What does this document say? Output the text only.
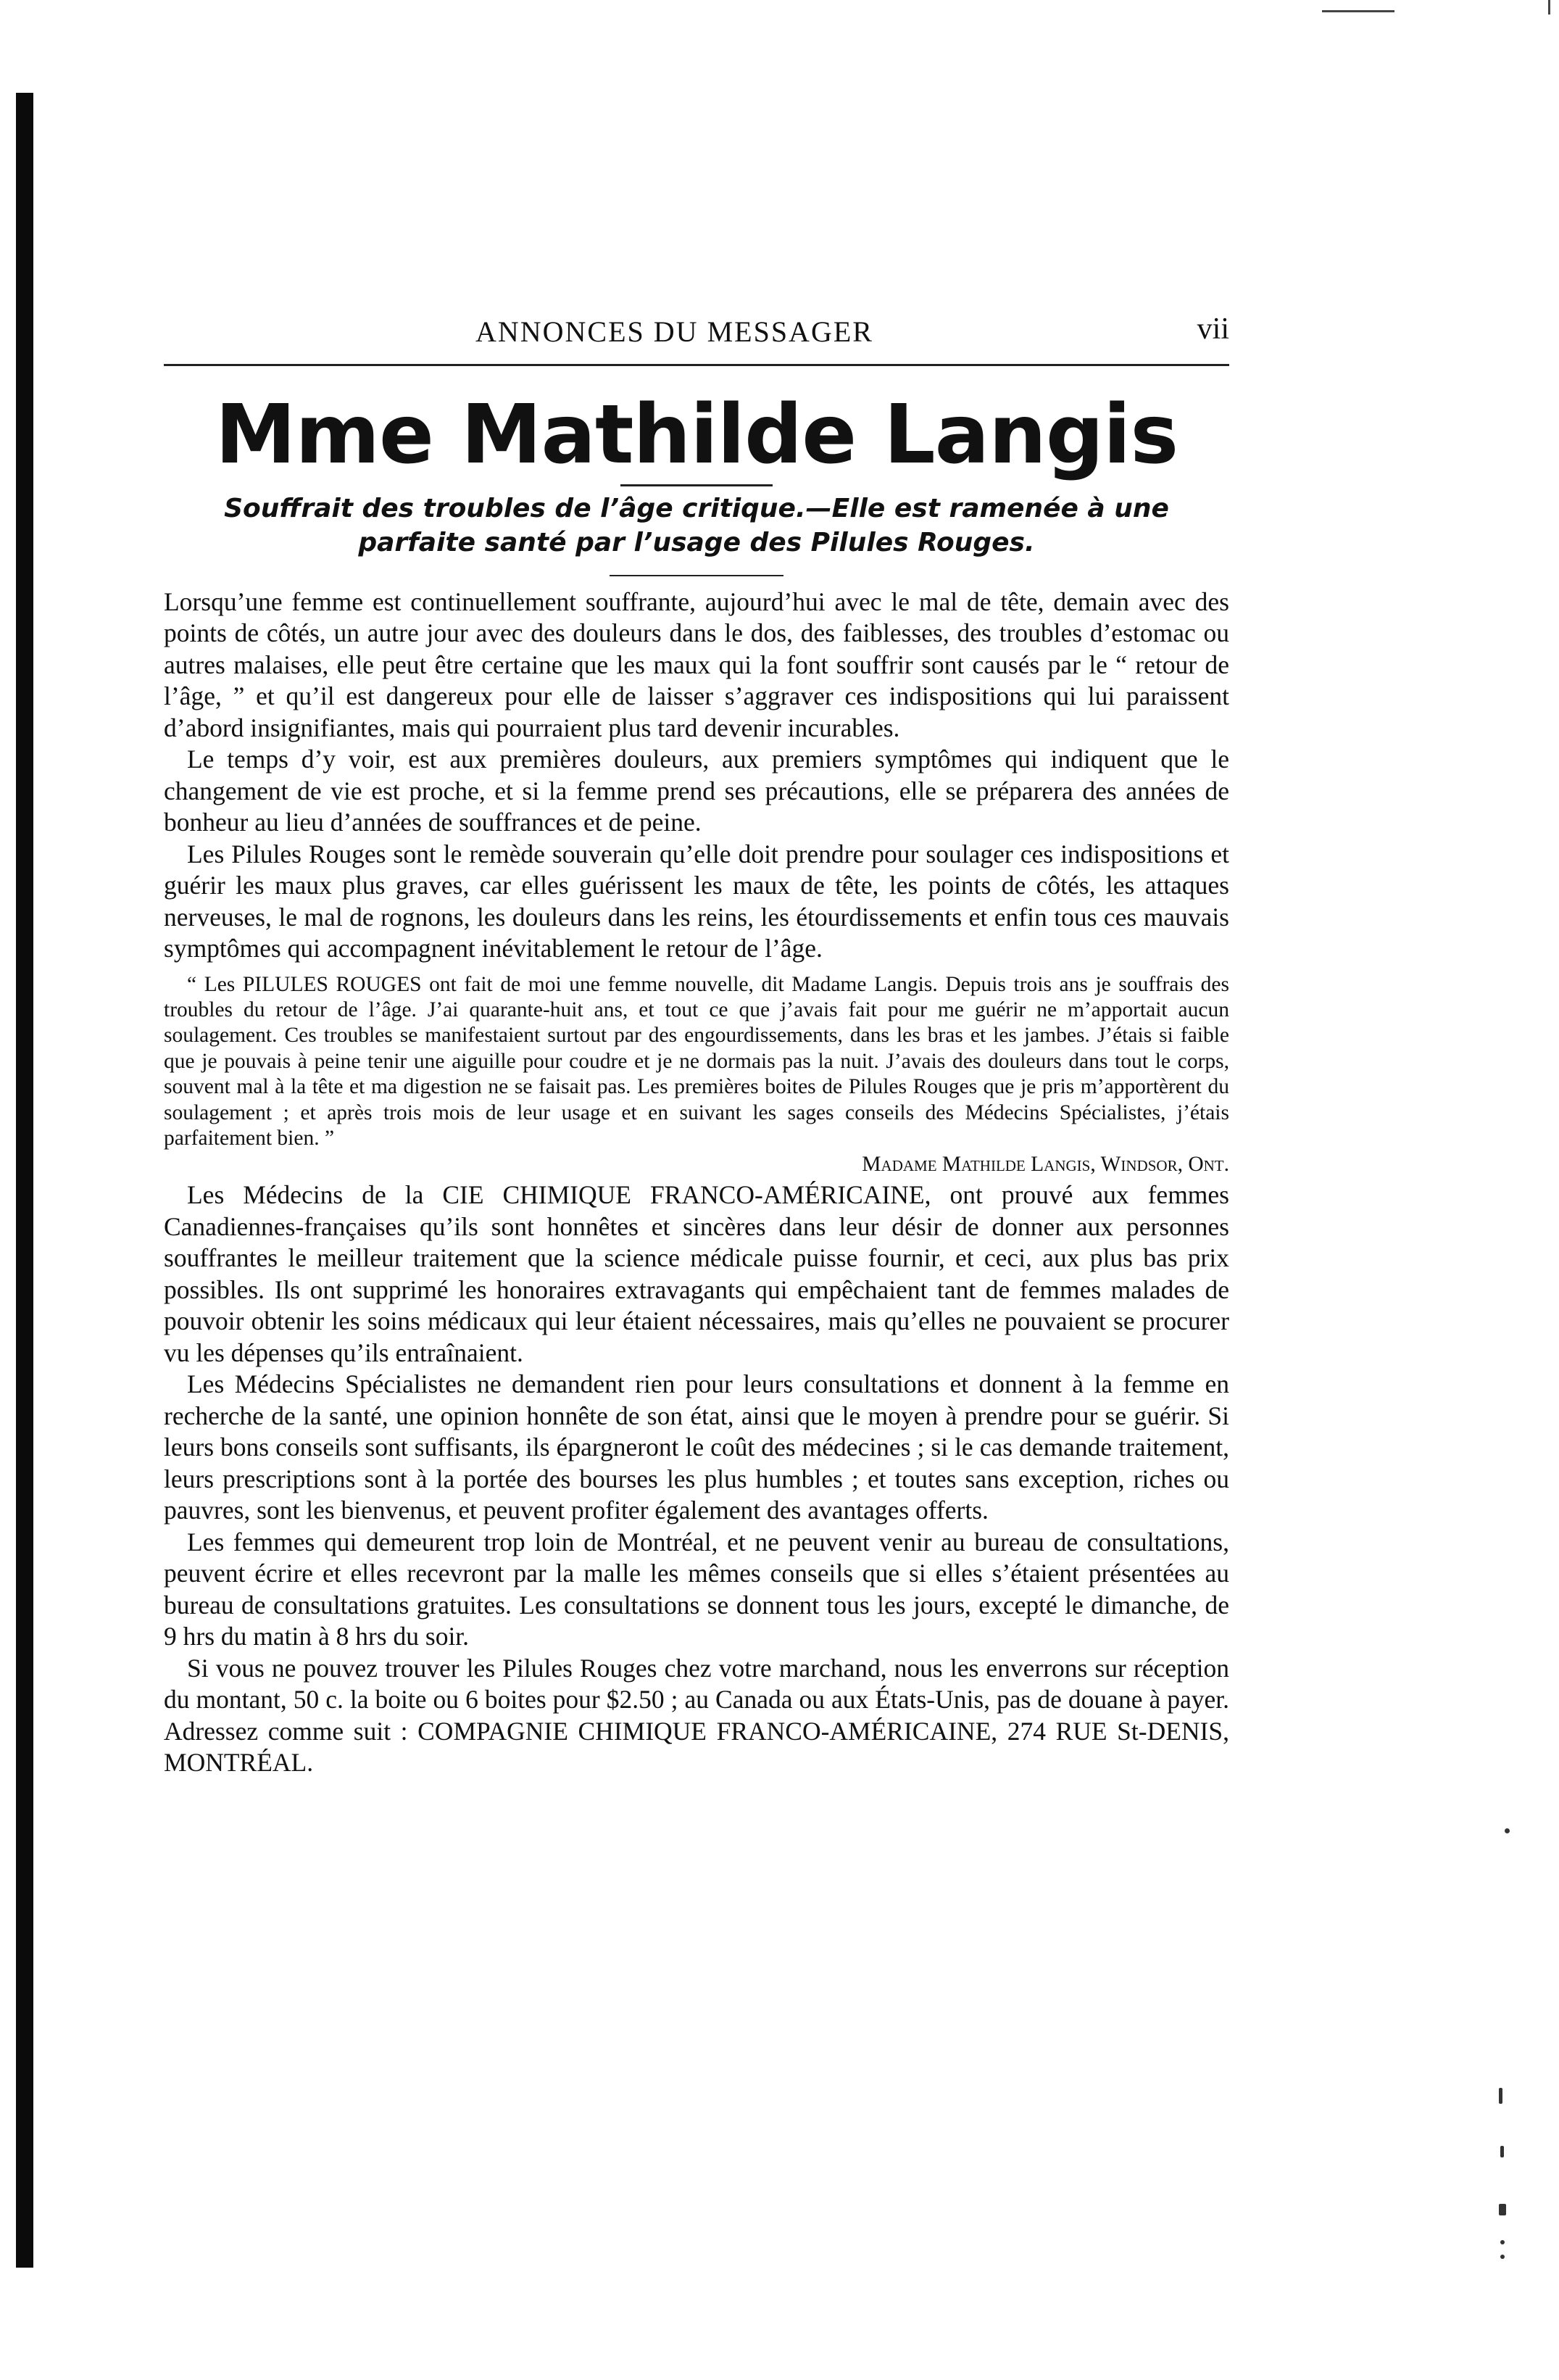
ANNONCES DU MESSAGER	vii
Mme Mathilde Langis
Souffrait des troubles de l’âge critique.—Elle est ramenée à une parfaite santé par l’usage des Pilules Rouges.

Lorsqu’une femme est continuellement souffrante, aujourd’hui avec le mal de tête, demain avec des points de côtés, un autre jour avec des douleurs dans le dos, des faiblesses, des troubles d’estomac ou autres malaises, elle peut être certaine que les maux qui la font souffrir sont causés par le “ retour de l’âge, ” et qu’il est dangereux pour elle de laisser s’aggraver ces indispositions qui lui paraissent d’abord insignifiantes, mais qui pourraient plus tard devenir incurables.

Le temps d’y voir, est aux premières douleurs, aux premiers symptômes qui indiquent que le changement de vie est proche, et si la femme prend ses précautions, elle se préparera des années de bonheur au lieu d’années de souffrances et de peine.

Les Pilules Rouges sont le remède souverain qu’elle doit prendre pour soulager ces indispositions et guérir les maux plus graves, car elles guérissent les maux de tête, les points de côtés, les attaques nerveuses, le mal de rognons, les douleurs dans les reins, les étourdissements et enfin tous ces mauvais symptômes qui accompagnent inévitablement le retour de l’âge.

“ Les PILULES ROUGES ont fait de moi une femme nouvelle, dit Madame Langis. Depuis trois ans je souffrais des troubles du retour de l’âge. J’ai quarante-huit ans, et tout ce que j’avais fait pour me guérir ne m’apportait aucun soulagement. Ces troubles se manifestaient surtout par des engourdissements, dans les bras et les jambes. J’étais si faible que je pouvais à peine tenir une aiguille pour coudre et je ne dormais pas la nuit. J’avais des douleurs dans tout le corps, souvent mal à la tête et ma digestion ne se faisait pas. Les premières boites de Pilules Rouges que je pris m’apportèrent du soulagement ; et après trois mois de leur usage et en suivant les sages conseils des Médecins Spécialistes, j’étais parfaitement bien. ”

Madame Mathilde Langis, Windsor, Ont.

Les Médecins de la CIE CHIMIQUE FRANCO-AMÉRICAINE, ont prouvé aux femmes Canadiennes-françaises qu’ils sont honnêtes et sincères dans leur désir de donner aux personnes souffrantes le meilleur traitement que la science médicale puisse fournir, et ceci, aux plus bas prix possibles. Ils ont supprimé les honoraires extravagants qui empêchaient tant de femmes malades de pouvoir obtenir les soins médicaux qui leur étaient nécessaires, mais qu’elles ne pouvaient se procurer vu les dépenses qu’ils entraînaient.

Les Médecins Spécialistes ne demandent rien pour leurs consultations et donnent à la femme en recherche de la santé, une opinion honnête de son état, ainsi que le moyen à prendre pour se guérir. Si leurs bons conseils sont suffisants, ils épargneront le coût des médecines ; si le cas demande traitement, leurs prescriptions sont à la portée des bourses les plus humbles ; et toutes sans exception, riches ou pauvres, sont les bienvenus, et peuvent profiter également des avantages offerts.

Les femmes qui demeurent trop loin de Montréal, et ne peuvent venir au bureau de consultations, peuvent écrire et elles recevront par la malle les mêmes conseils que si elles s’étaient présentées au bureau de consultations gratuites. Les consultations se donnent tous les jours, excepté le dimanche, de 9 hrs du matin à 8 hrs du soir.

Si vous ne pouvez trouver les Pilules Rouges chez votre marchand, nous les enverrons sur réception du montant, 50 c. la boite ou 6 boites pour $2.50 ; au Canada ou aux États-Unis, pas de douane à payer. Adressez comme suit : COMPAGNIE CHIMIQUE FRANCO-AMÉRICAINE, 274 RUE St-DENIS, MONTRÉAL.
